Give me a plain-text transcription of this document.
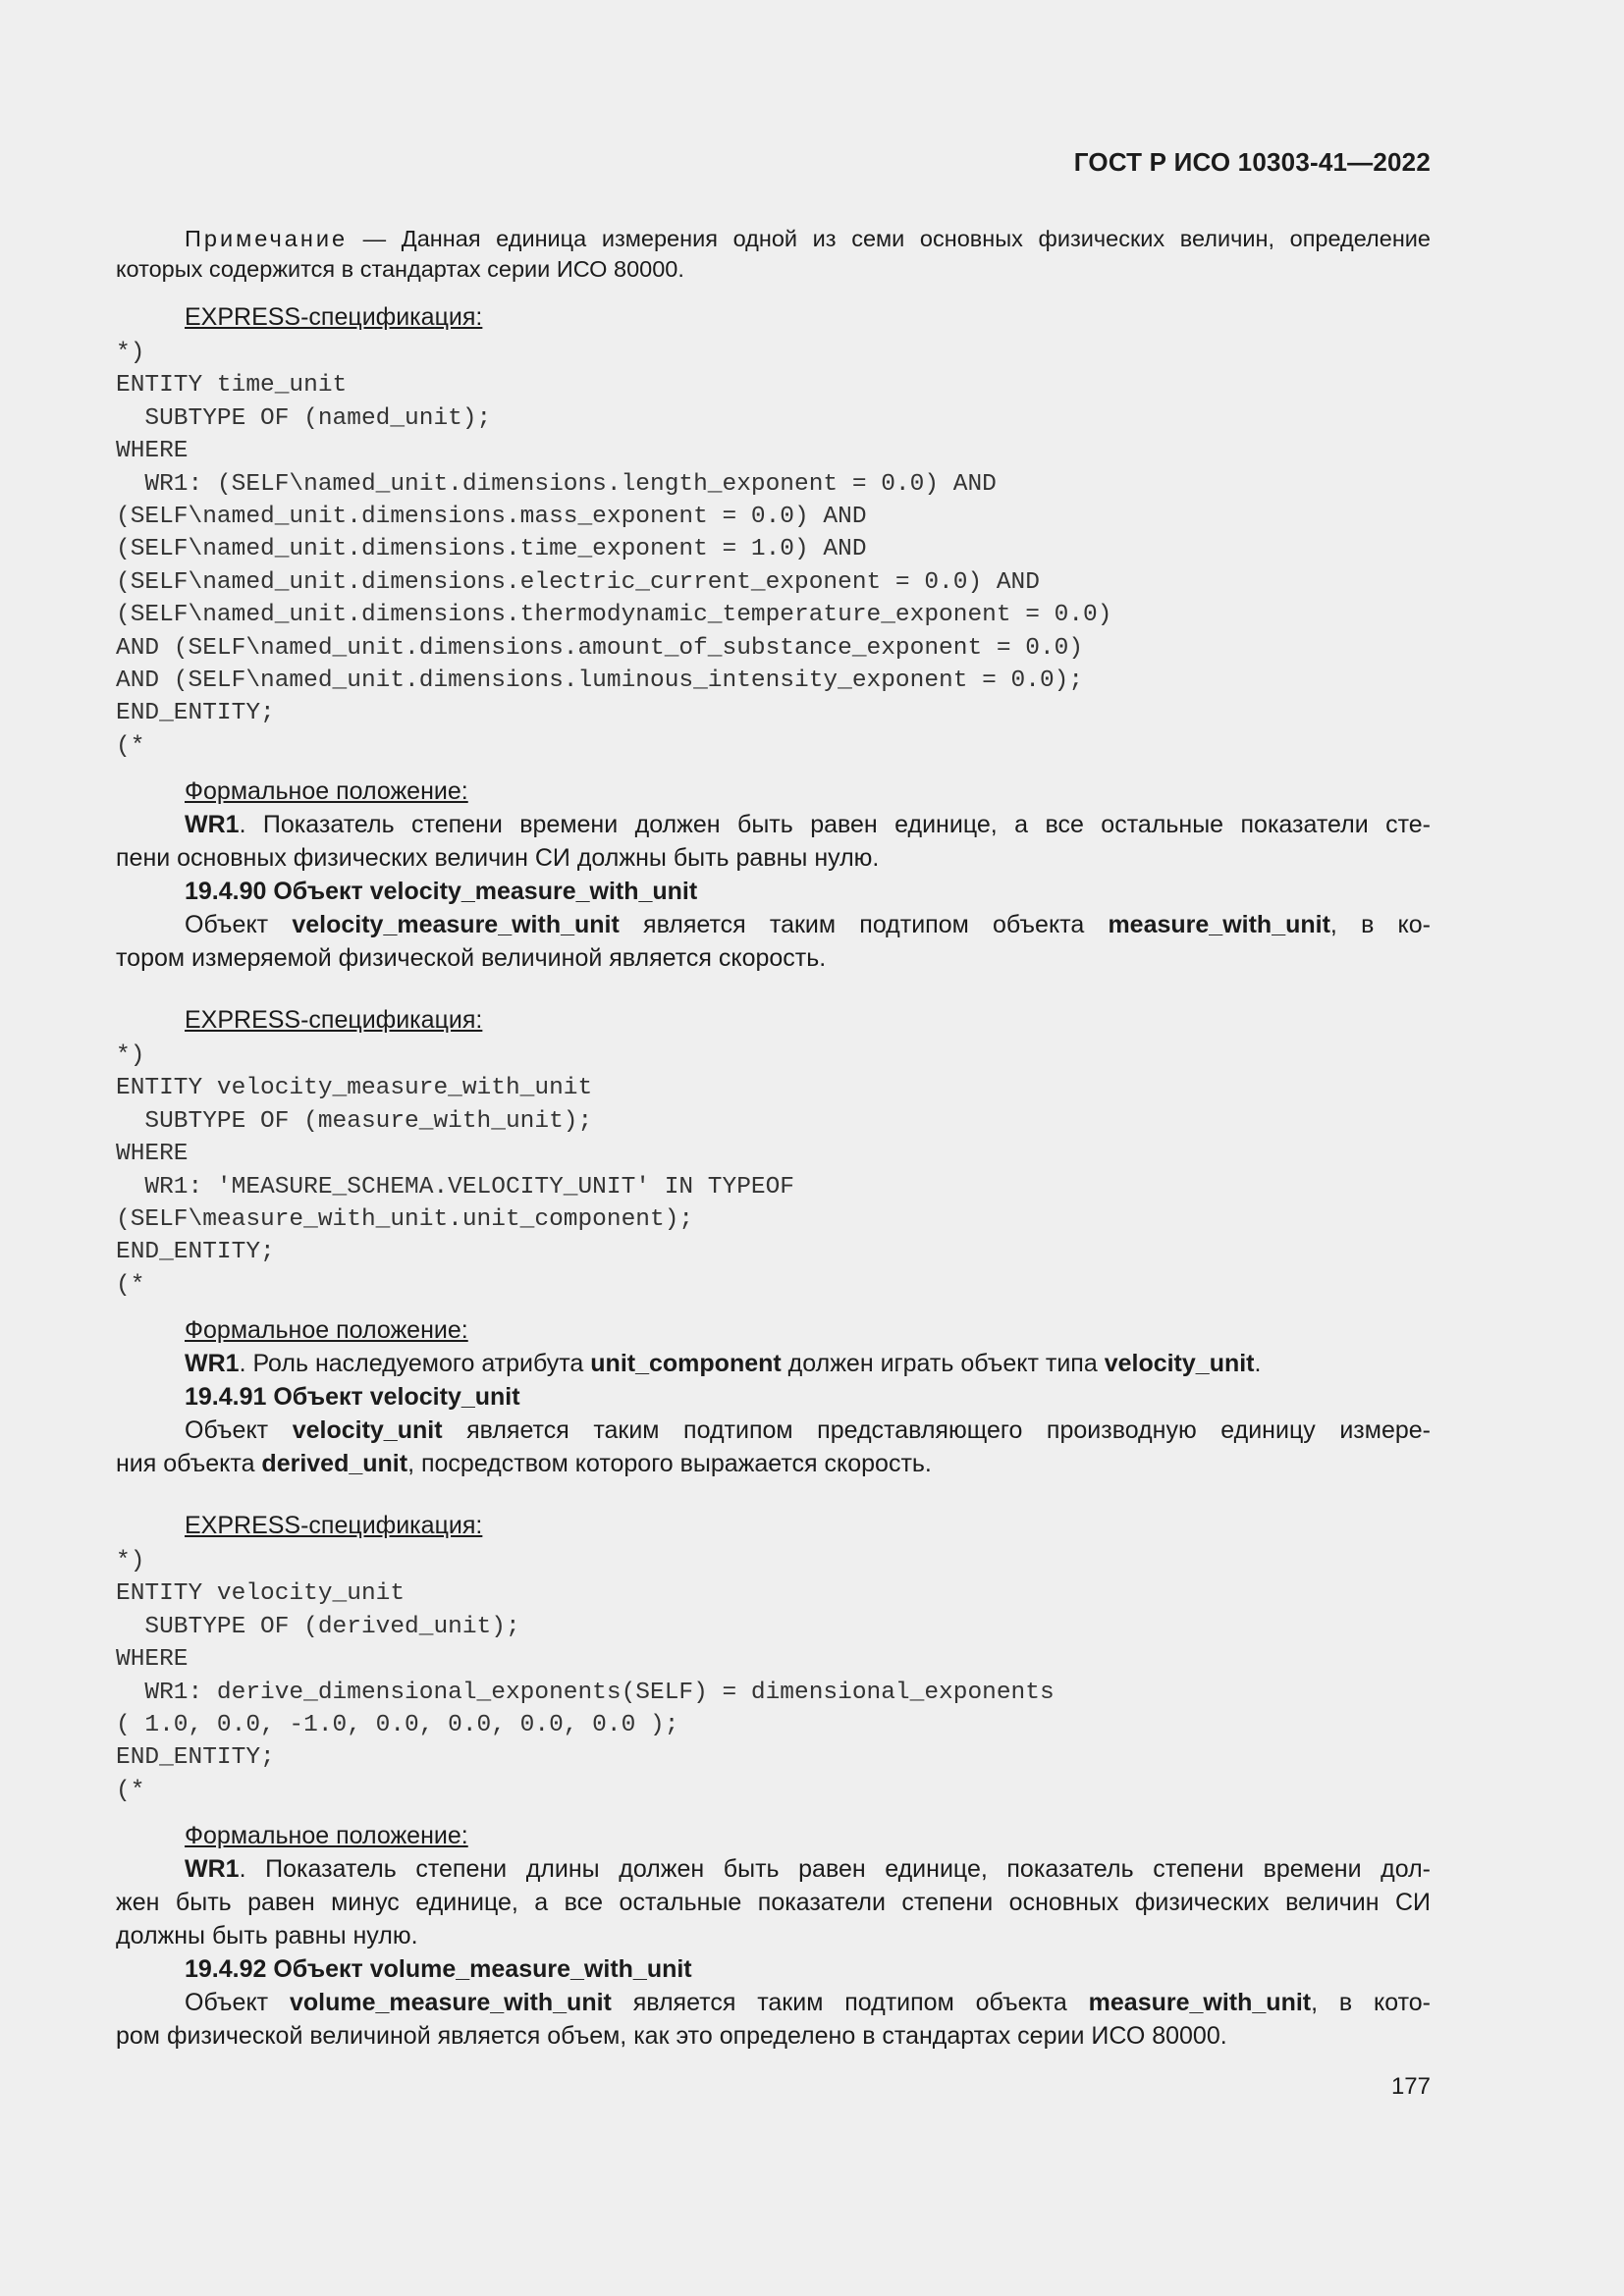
ГОСТ Р ИСО 10303-41—2022
Примечание — Данная единица измерения одной из семи основных физических величин, определение
которых содержится в стандартах серии ИСО 80000.

EXPRESS-спецификация:

*)
ENTITY time_unit
SUBTYPE OF (named_unit);
WHERE
WR1: (SELF\named_unit.dimensions.length_exponent = 0.0) AND
(SELF\named_unit.dimensions.mass_exponent = 0.0) AND
(SELF\named_unit.dimensions.time_exponent = 1.0) AND
(SELF\named_unit.dimensions.electric_current_exponent = 0.0) AND
(SELF\named_unit.dimensions.thermodynamic_temperature_exponent = 0.0)
AND (SELF\named_unit.dimensions.amount_of_substance_exponent = 0.0)
AND (SELF\named_unit.dimensions.luminous_intensity_exponent = 0.0);
END_ENTITY;
(*

Формальное положение:

WR1. Показатель степени времени должен быть равен единице, а все остальные показатели сте-
пени основных физических величин СИ должны быть равны нулю.

19.4.90 Объект velocity_measure_with_unit

Объект velocity_measure_with_unit является таким подтипом объекта measure_with_unit, в ко-
тором измеряемой физической величиной является скорость.

EXPRESS-спецификация:

*)
ENTITY velocity_measure_with_unit
SUBTYPE OF (measure_with_unit);
WHERE
WR1: 'MEASURE_SCHEMA.VELOCITY_UNIT' IN TYPEOF
(SELF\measure_with_unit.unit_component);
END_ENTITY;
(*

Формальное положение:

WR1. Роль наследуемого атрибута unit_component должен играть объект типа velocity_unit.

19.4.91 Объект velocity_unit

Объект velocity_unit является таким подтипом представляющего производную единицу измере-
ния объекта derived_unit, посредством которого выражается скорость.

EXPRESS-спецификация:

*)
ENTITY velocity_unit
SUBTYPE OF (derived_unit);
WHERE
WR1: derive_dimensional_exponents(SELF) = dimensional_exponents
( 1.0, 0.0, -1.0, 0.0, 0.0, 0.0, 0.0 );
END_ENTITY;
(*

Формальное положение:

WR1. Показатель степени длины должен быть равен единице, показатель степени времени дол-
жен быть равен минус единице, а все остальные показатели степени основных физических величин СИ
должны быть равны нулю.

19.4.92 Объект volume_measure_with_unit

Объект volume_measure_with_unit является таким подтипом объекта measure_with_unit, в кото-
ром физической величиной является объем, как это определено в стандартах серии ИСО 80000.
177
